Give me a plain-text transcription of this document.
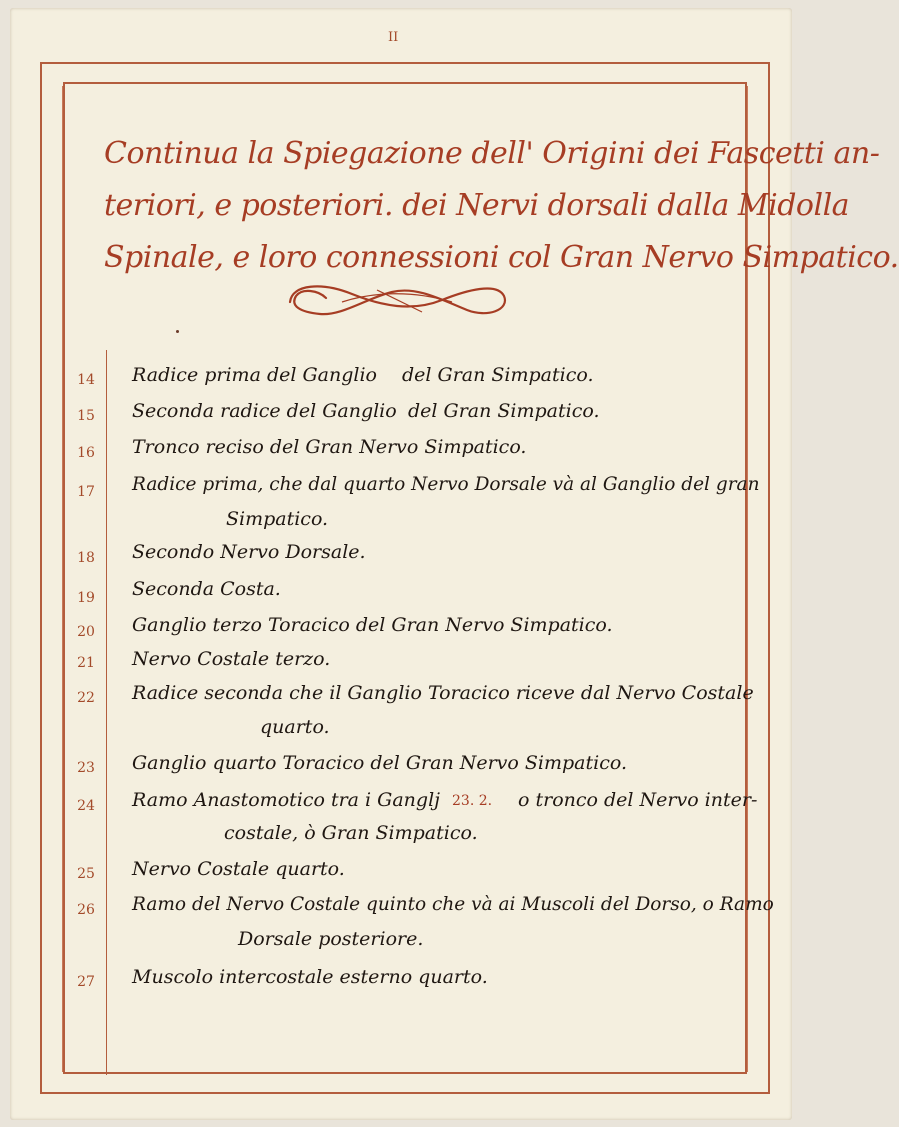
II
Continua la Spiegazione dell' Origini dei Fascetti an-
teriori, e posteriori. dei Nervi dorsali dalla Midolla
Spinale, e loro connessioni col Gran Nervo Simpatico.
14	Radice prima del Ganglio del Gran Simpatico.
15	Seconda radice del Ganglio del Gran Simpatico.
16	Tronco reciso del Gran Nervo Simpatico.
17	Radice prima, che dal quarto Nervo Dorsale và al Ganglio del gran
Simpatico.
18	Secondo Nervo Dorsale.
19	Seconda Costa.
20	Ganglio terzo Toracico del Gran Nervo Simpatico.
21	Nervo Costale terzo.
22	Radice seconda che il Ganglio Toracico riceve dal Nervo Costale
quarto.
23	Ganglio quarto Toracico del Gran Nervo Simpatico.
24	Ramo Anastomotico tra i Ganglj 23. 2. o tronco del Nervo inter-
costale, ò Gran Simpatico.
25	Nervo Costale quarto.
26	Ramo del Nervo Costale quinto che và ai Muscoli del Dorso, o Ramo
Dorsale posteriore.
27	Muscolo intercostale esterno quarto.
